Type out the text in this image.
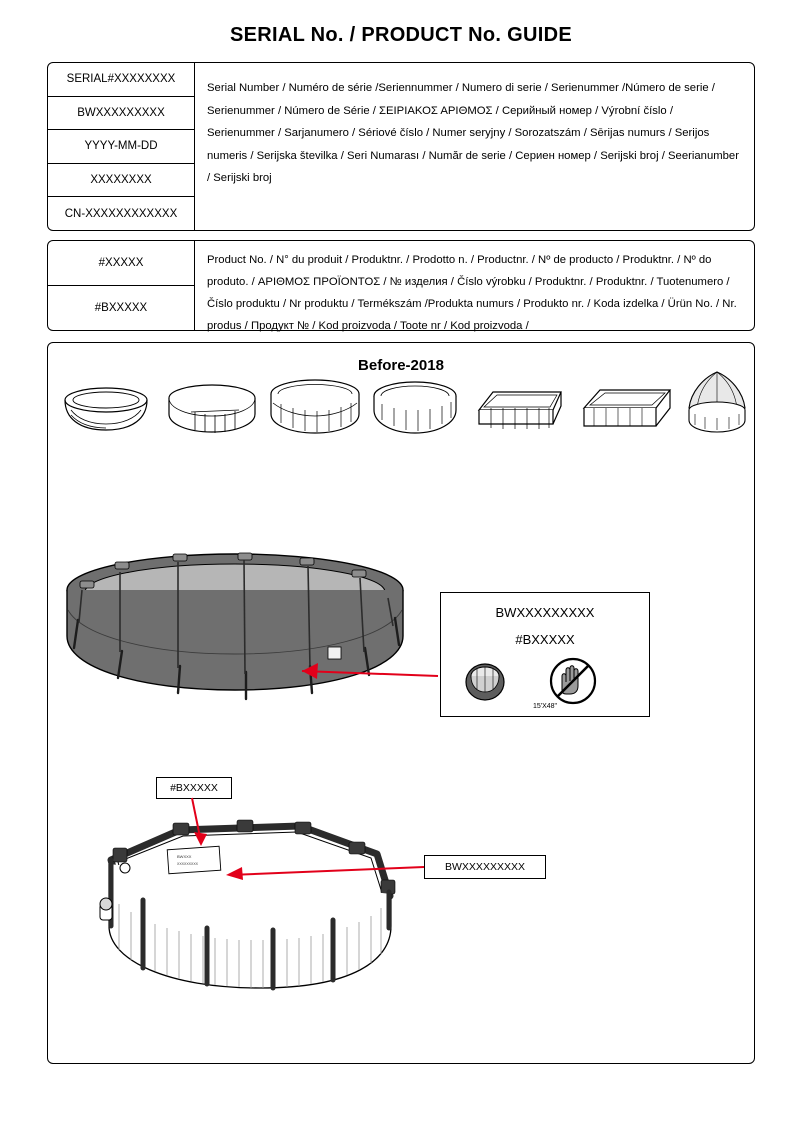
SERIAL No. / PRODUCT No. GUIDE
SERIAL#XXXXXXXX
BWXXXXXXXXX
YYYY-MM-DD
XXXXXXXX
CN-XXXXXXXXXXXX
Serial Number / Numéro de série /Seriennummer / Numero di serie / Serienummer /Número de serie / Serienummer / Número de Série / ΣΕΙΡΙΑΚΟΣ ΑΡΙΘΜΟΣ / Серийный номер / Výrobní číslo / Serienummer / Sarjanumero / Sériové číslo / Numer seryjny / Sorozatszám / Sērijas numurs / Serijos numeris / Serijska številka / Seri Numarası / Număr de serie / Сериен номер / Serijski broj / Seerianumber / Serijski broj
#XXXXX
#BXXXXX
Product No. / N° du produit / Produktnr. / Prodotto n. / Productnr. / Nº de producto / Produktnr. / Nº do produto. / ΑΡΙΘΜΟΣ ΠΡΟΪΟΝΤΟΣ / № изделия / Číslo výrobku / Produktnr. / Produktnr. / Tuotenumero / Číslo produktu / Nr produktu / Termékszám /Produkta numurs / Produkto nr. / Koda izdelka / Ürün No. / Nr. produs / Продукт № / Kod proizvoda / Toote nr / Kod proizvoda /
Before-2018
BWXXXXXXXXX
#BXXXXX
15'X48"
BWXXX
XXXXXXXXX
#BXXXXX
BWXXXXXXXXX
